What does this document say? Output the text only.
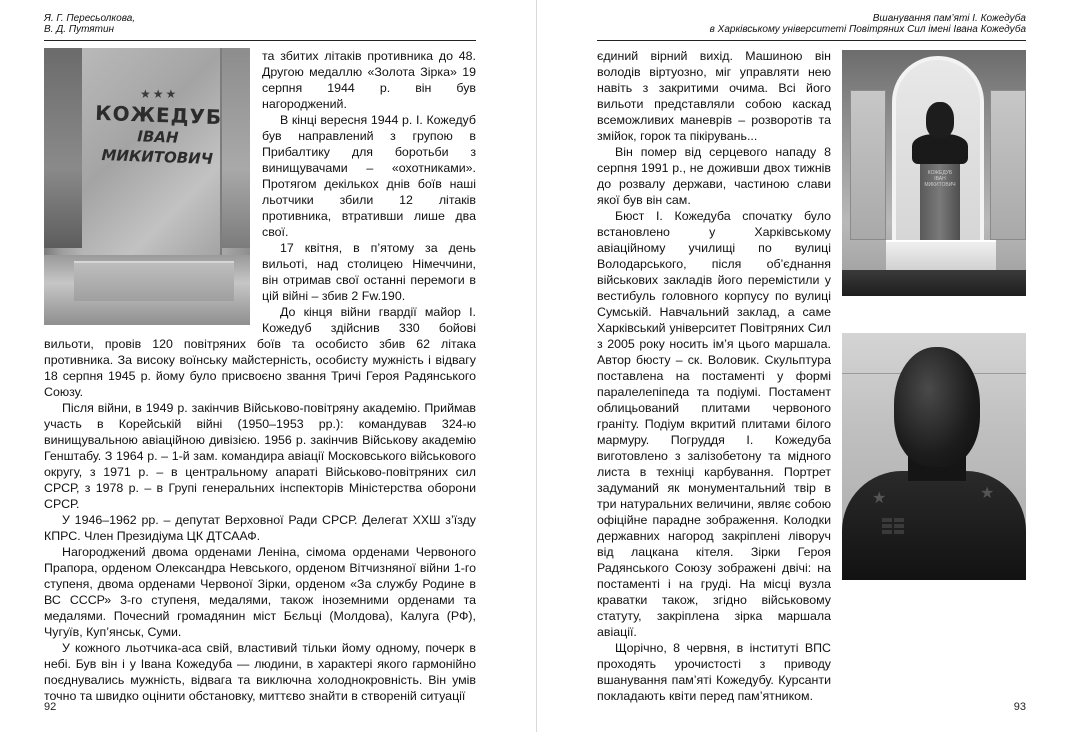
Я. Г. Пересьолкова,
В. Д. Путятин
★★★
КОЖЕДУБ
ІВАН
МИКИТОВИЧ

та збитих літаків противника до 48. Другою медаллю «Золота Зірка» 19 серпня 1944 р. він був нагороджений.

В кінці вересня 1944 р. І. Кожедуб був направлений з групою в Прибалтику для боротьби з винищувачами – «охотниками». Протягом декількох днів боїв наші льотчики збили 12 літаків противника, втративши лише два свої.

17 квітня, в п’ятому за день вильоті, над столицею Німеччини, він отримав свої останні перемоги в цій війні – збив 2 Fw.190.

До кінця війни гвардії майор І. Кожедуб здійснив 330 бойові вильоти, провів 120 повітряних боїв та особисто збив 62 літака противника. За високу воїнську майстерність, особисту мужність і відвагу 18 серпня 1945 р. йому було присвоєно звання Тричі Героя Радянського Союзу.

Після війни, в 1949 р. закінчив Військово-повітряну академію. Приймав участь в Корейській війні (1950–1953 рр.): командував 324-ю винищувальною авіаційною дивізією. 1956 р. закінчив Військову академію Генштабу. З 1964 р. – 1-й зам. командира авіації Московського військового округу, з 1971 р. – в центральному апараті Військово-повітряних сил СРСР, з 1978 р. – в Групі генеральних інспекторів Міністерства оборони СРСР.

У 1946–1962 рр. – депутат Верховної Ради СРСР. Делегат ХХШ з’їзду КПРС. Член Президіума ЦК ДТСААФ.

Нагороджений двома орденами Леніна, сімома орденами Червоного Прапора, орденом Олександра Невського, орденом Вітчизняної війни 1-го ступеня, двома орденами Червоної Зірки, орденом «За службу Родине в ВС СССР» 3-го ступеня, медалями, також іноземними орденами та медалями. Почесний громадянин міст Бєльці (Молдова), Калуга (РФ), Чугуїв, Куп’янськ, Суми.

У кожного льотчика-аса свій, властивий тільки йому одному, почерк в небі. Був він і у Івана Кожедуба — людини, в характері якого гармонійно поєднувались мужність, відвага та виключна холоднокровність. Він умів точно та швидко оцінити обстановку, миттєво знайти в створеній ситуації

92
Вшанування пам’яті І. Кожедуба
в Харківському університеті Повітряних Сил імені Івана Кожедуба

єдиний вірний вихід. Машиною він володів віртуозно, міг управляти нею навіть з закритими очима. Всі його вильоти представляли собою каскад всеможливих маневрів – розворотів та змійок, горок та пікірувань...

Він помер від серцевого нападу 8 серпня 1991 р., не доживши двох тижнів до розвалу держави, частиною слави якої був він сам.

Бюст І. Кожедуба спочатку було встановлено у Харківському авіаційному училищі по вулиці Володарського, після об’єднання військових закладів його перемістили у вестибуль головного корпусу по вулиці Сумській. Навчальний заклад, а саме Харківський університет Повітряних Сил з 2005 року носить ім’я цього маршала. Автор бюсту – ск. Воловик. Скульптура поставлена на постаменті у формі паралелепіпеда та подіумі. Постамент облицьований плитами червоного граніту. Подіум вкритий плитами білого мармуру. Погруддя І. Кожедуба виготовлено з залізобетону та мідного листа в техніці карбування. Портрет задуманий як монументальний твір в три натуральних величини, являє собою офіційне парадне зображення. Колодки державних нагород закріплені ліворуч від лацкана кітеля. Зірки Героя Радянського Союзу зображені двічі: на постаменті і на груді. На місці вузла краватки також, згідно військовому статуту, закріплена зірка маршала авіації.

Щорічно, 8 червня, в інституті ВПС проходять урочистості з приводу вшанування пам’яті Кожедубу. Курсанти покладають квіти перед пам’ятником.

КОЖЕДУБ ІВАН МИКИТОВИЧ
★	★
93
